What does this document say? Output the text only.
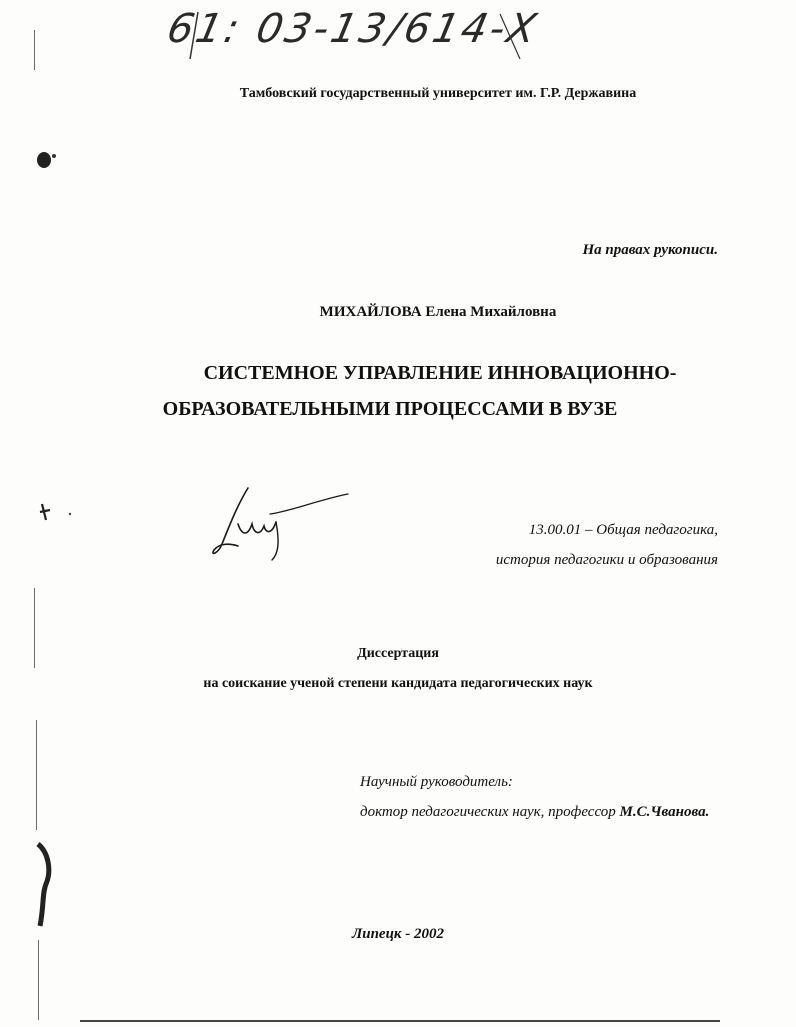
61: 03-13/614-Х
Тамбовский государственный университет им. Г.Р. Державина
На правах рукописи.
МИХАЙЛОВА Елена Михайловна
СИСТЕМНОЕ УПРАВЛЕНИЕ ИННОВАЦИОННО-
ОБРАЗОВАТЕЛЬНЫМИ ПРОЦЕССАМИ В ВУЗЕ
13.00.01 – Общая педагогика,
история педагогики и образования
Диссертация
на соискание ученой степени кандидата педагогических наук
Научный руководитель:
доктор педагогических наук, профессор М.С.Чванова.
Липецк - 2002
